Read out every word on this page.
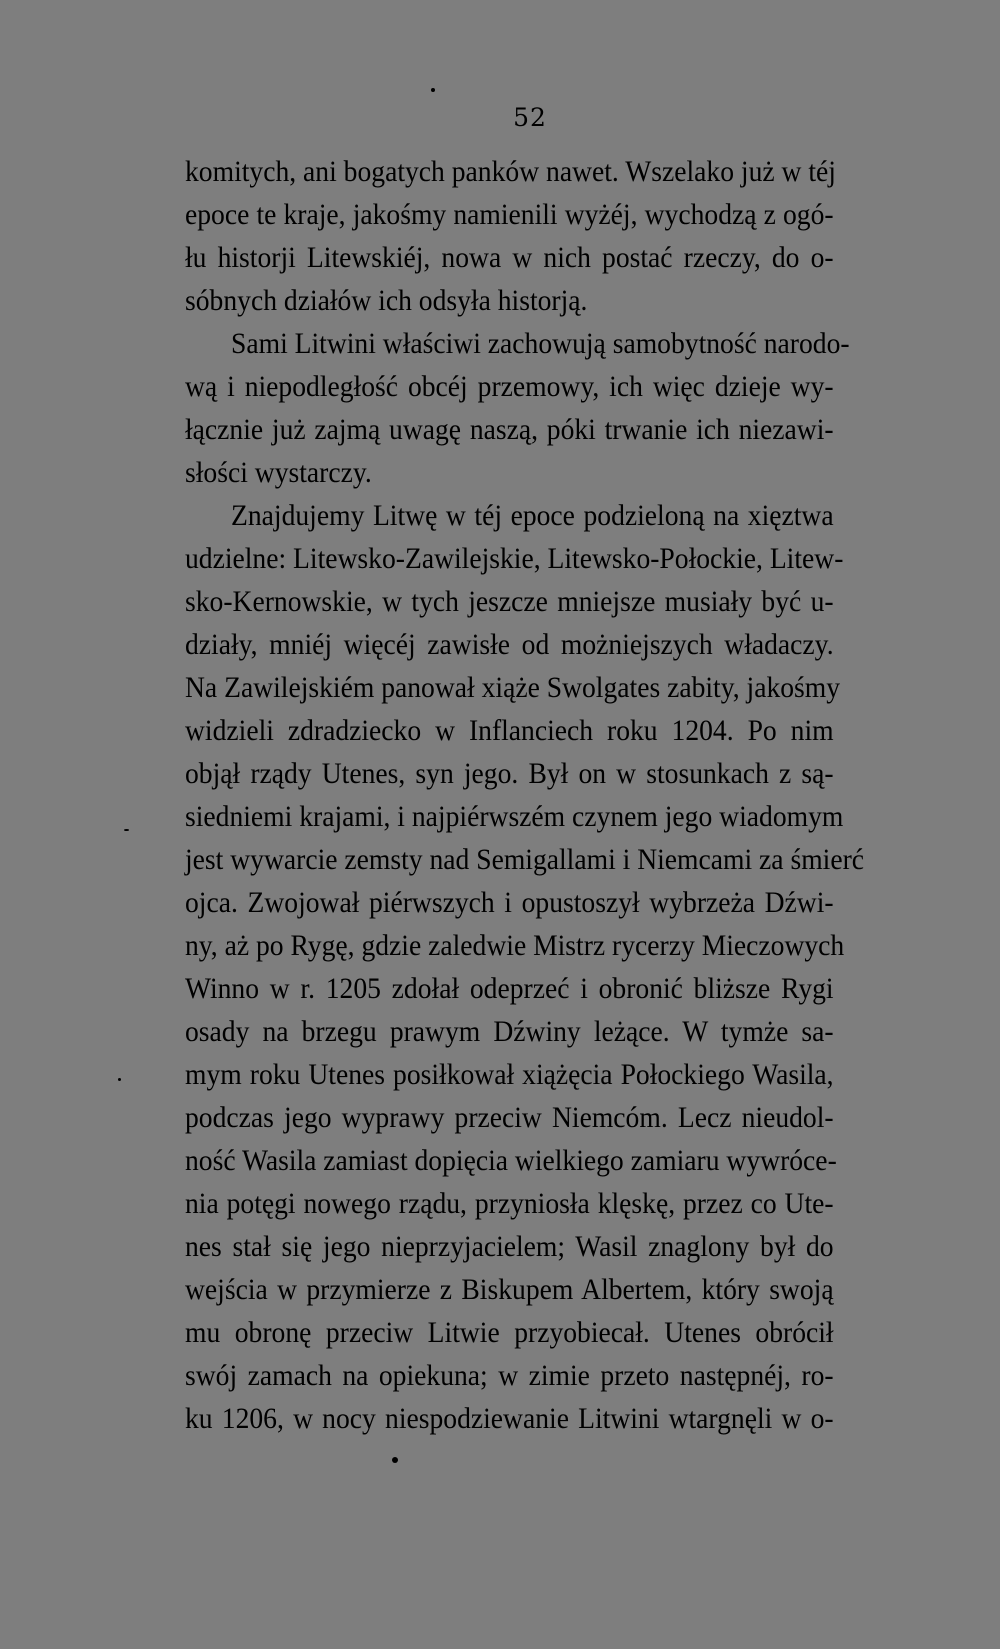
52
komitych, ani bogatych panków nawet. Wszelako już w téj
epoce te kraje, jakośmy namienili wyżéj, wychodzą z ogó-
łu historji Litewskiéj, nowa w nich postać rzeczy, do o-
sóbnych działów ich odsyła historją.
Sami Litwini właściwi zachowują samobytność narodo-
wą i niepodległość obcéj przemowy, ich więc dzieje wy-
łącznie już zajmą uwagę naszą, póki trwanie ich niezawi-
słości wystarczy.
Znajdujemy Litwę w téj epoce podzieloną na xięztwa
udzielne: Litewsko-Zawilejskie, Litewsko-Połockie, Litew-
sko-Kernowskie, w tych jeszcze mniejsze musiały być u-
działy, mniéj więcéj zawisłe od możniejszych władaczy.
Na Zawilejskiém panował xiąże Swolgates zabity, jakośmy
widzieli zdradziecko w Inflanciech roku 1204. Po nim
objął rządy Utenes, syn jego. Był on w stosunkach z są-
siedniemi krajami, i najpiérwszém czynem jego wiadomym
jest wywarcie zemsty nad Semigallami i Niemcami za śmierć
ojca. Zwojował piérwszych i opustoszył wybrzeża Dźwi-
ny, aż po Rygę, gdzie zaledwie Mistrz rycerzy Mieczowych
Winno w r. 1205 zdołał odeprzeć i obronić bliższe Rygi
osady na brzegu prawym Dźwiny leżące. W tymże sa-
mym roku Utenes posiłkował xiążęcia Połockiego Wasila,
podczas jego wyprawy przeciw Niemcóm. Lecz nieudol-
ność Wasila zamiast dopięcia wielkiego zamiaru wywróce-
nia potęgi nowego rządu, przyniosła klęskę, przez co Ute-
nes stał się jego nieprzyjacielem; Wasil znaglony był do
wejścia w przymierze z Biskupem Albertem, który swoją
mu obronę przeciw Litwie przyobiecał. Utenes obrócił
swój zamach na opiekuna; w zimie przeto następnéj, ro-
ku 1206, w nocy niespodziewanie Litwini wtargnęli w o-
